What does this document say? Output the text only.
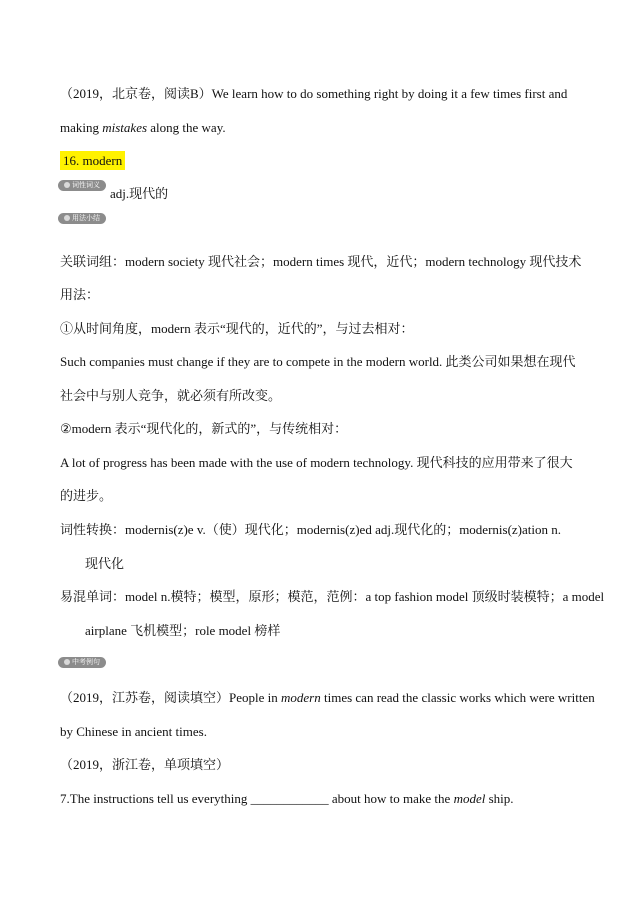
（2019，北京卷，阅读B）We learn how to do something right by doing it a few times first and
making mistakes along the way.
16. modern
词性词义
adj.现代的
用法小结
关联词组：modern society 现代社会；modern times 现代，近代；modern technology 现代技术
用法：
①从时间角度，modern 表示“现代的，近代的”，与过去相对：
Such companies must change if they are to compete in the modern world. 此类公司如果想在现代
社会中与别人竞争，就必须有所改变。
②modern 表示“现代化的，新式的”，与传统相对：
A lot of progress has been made with the use of modern technology. 现代科技的应用带来了很大
的进步。
词性转换：modernis(z)e v.（使）现代化；modernis(z)ed adj.现代化的；modernis(z)ation n.
现代化
易混单词：model n.模特；模型，原形；模范，范例：a top fashion model 顶级时装模特；a model
airplane 飞机模型；role model 榜样
中考例句
（2019，江苏卷，阅读填空）People in modern times can read the classic works which were written
by Chinese in ancient times.
（2019，浙江卷，单项填空）
7.The instructions tell us everything ____________ about how to make the model ship.
